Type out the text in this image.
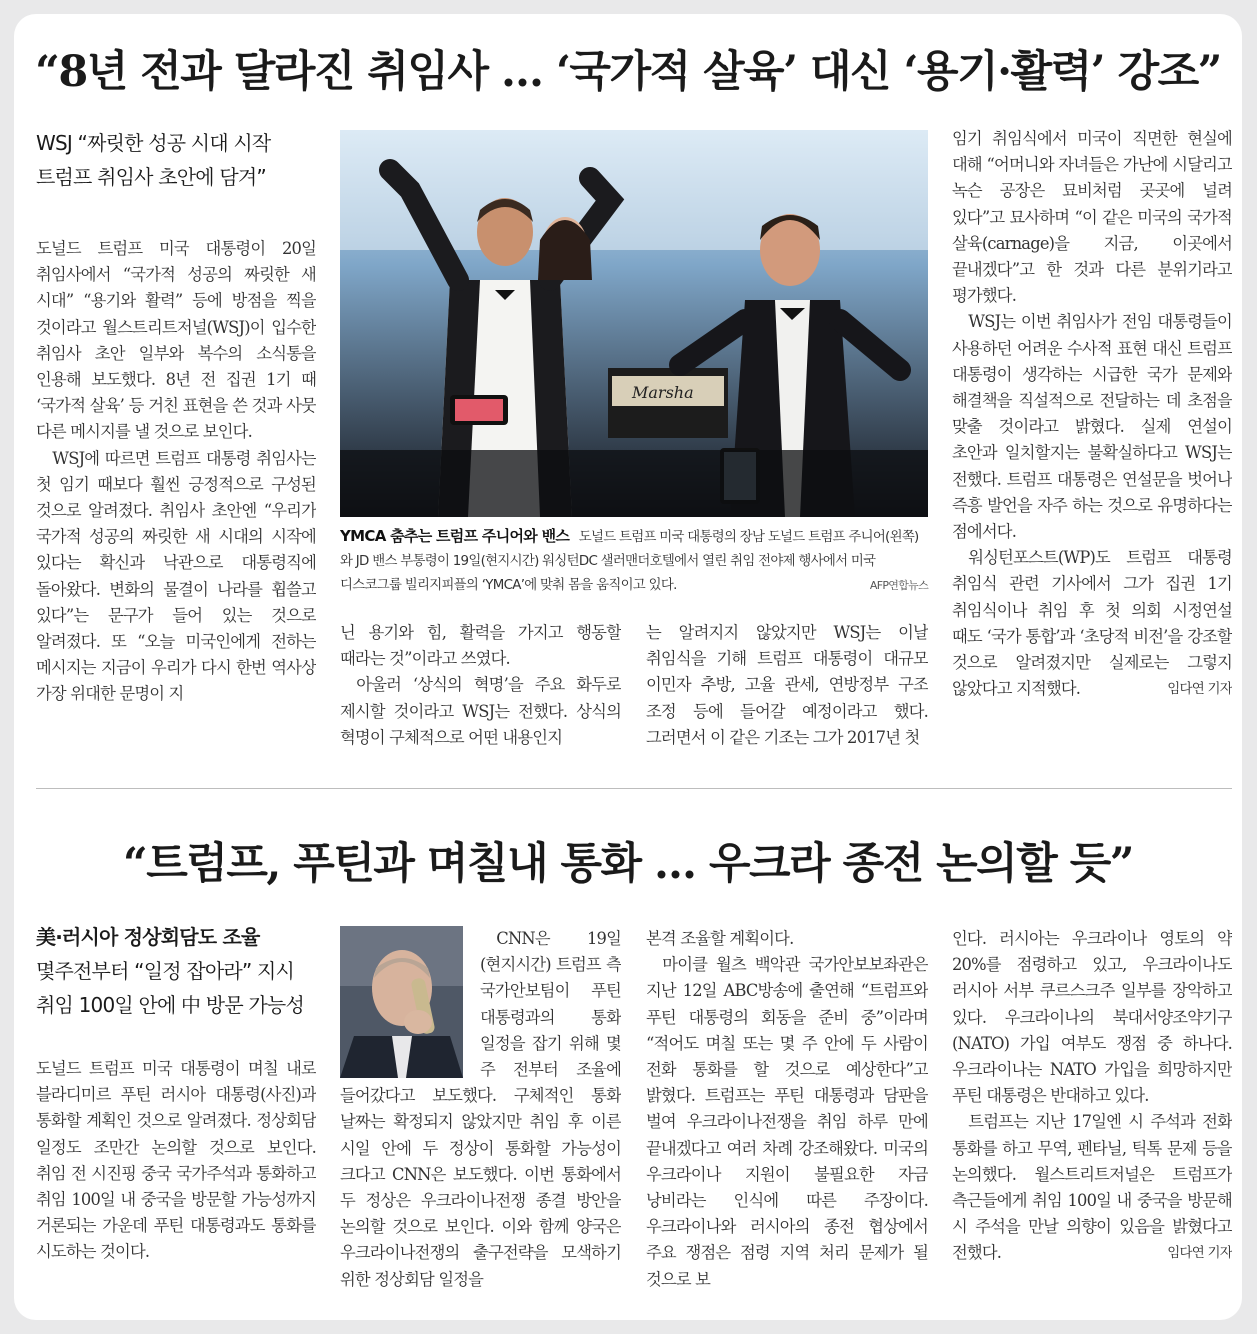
“8년 전과 달라진 취임사 … ‘국가적 살육’ 대신 ‘용기·활력’ 강조”
WSJ “짜릿한 성공 시대 시작
트럼프 취임사 초안에 담겨”

도널드 트럼프 미국 대통령이 20일 취임사에서 “국가적 성공의 짜릿한 새 시대” “용기와 활력” 등에 방점을 찍을 것이라고 월스트리트저널(WSJ)이 입수한 취임사 초안 일부와 복수의 소식통을 인용해 보도했다. 8년 전 집권 1기 때 ‘국가적 살육’ 등 거친 표현을 쓴 것과 사뭇 다른 메시지를 낼 것으로 보인다.

WSJ에 따르면 트럼프 대통령 취임사는 첫 임기 때보다 훨씬 긍정적으로 구성된 것으로 알려졌다. 취임사 초안엔 “우리가 국가적 성공의 짜릿한 새 시대의 시작에 있다는 확신과 낙관으로 대통령직에 돌아왔다. 변화의 물결이 나라를 휩쓸고 있다”는 문구가 들어 있는 것으로 알려졌다. 또 “오늘 미국인에게 전하는 메시지는 지금이 우리가 다시 한번 역사상 가장 위대한 문명이 지

Marsha
YMCA 춤추는 트럼프 주니어와 밴스 도널드 트럼프 미국 대통령의 장남 도널드 트럼프 주니어(왼쪽)와 JD 밴스 부통령이 19일(현지시간) 워싱턴DC 샐러맨더호텔에서 열린 취임 전야제 행사에서 미국 디스코그룹 빌리지피플의 ‘YMCA’에 맞춰 몸을 움직이고 있다.	AFP연합뉴스

닌 용기와 힘, 활력을 가지고 행동할 때라는 것”이라고 쓰였다.

아울러 ‘상식의 혁명’을 주요 화두로 제시할 것이라고 WSJ는 전했다. 상식의 혁명이 구체적으로 어떤 내용인지

는 알려지지 않았지만 WSJ는 이날 취임식을 기해 트럼프 대통령이 대규모 이민자 추방, 고율 관세, 연방정부 구조 조정 등에 들어갈 예정이라고 했다. 그러면서 이 같은 기조는 그가 2017년 첫

임기 취임식에서 미국이 직면한 현실에 대해 “어머니와 자녀들은 가난에 시달리고 녹슨 공장은 묘비처럼 곳곳에 널려 있다”고 묘사하며 “이 같은 미국의 국가적 살육(carnage)을 지금, 이곳에서 끝내겠다”고 한 것과 다른 분위기라고 평가했다.

WSJ는 이번 취임사가 전임 대통령들이 사용하던 어려운 수사적 표현 대신 트럼프 대통령이 생각하는 시급한 국가 문제와 해결책을 직설적으로 전달하는 데 초점을 맞출 것이라고 밝혔다. 실제 연설이 초안과 일치할지는 불확실하다고 WSJ는 전했다. 트럼프 대통령은 연설문을 벗어나 즉흥 발언을 자주 하는 것으로 유명하다는 점에서다.

워싱턴포스트(WP)도 트럼프 대통령 취임식 관련 기사에서 그가 집권 1기 취임식이나 취임 후 첫 의회 시정연설 때도 ‘국가 통합’과 ‘초당적 비전’을 강조할 것으로 알려졌지만 실제로는 그렇지 않았다고 지적했다.	임다연 기자

“트럼프, 푸틴과 며칠내 통화 … 우크라 종전 논의할 듯”
美·러시아 정상회담도 조율
몇주전부터 “일정 잡아라” 지시
취임 100일 안에 中 방문 가능성

도널드 트럼프 미국 대통령이 며칠 내로 블라디미르 푸틴 러시아 대통령(사진)과 통화할 계획인 것으로 알려졌다. 정상회담 일정도 조만간 논의할 것으로 보인다. 취임 전 시진핑 중국 국가주석과 통화하고 취임 100일 내 중국을 방문할 가능성까지 거론되는 가운데 푸틴 대통령과도 통화를 시도하는 것이다.

CNN은 19일(현지시간) 트럼프 측 국가안보팀이 푸틴 대통령과의 통화 일정을 잡기 위해 몇 주 전부터 조율에 들어갔다고 보도했다. 구체적인 통화 날짜는 확정되지 않았지만 취임 후 이른 시일 안에 두 정상이 통화할 가능성이 크다고 CNN은 보도했다. 이번 통화에서 두 정상은 우크라이나전쟁 종결 방안을 논의할 것으로 보인다. 이와 함께 양국은 우크라이나전쟁의 출구전략을 모색하기 위한 정상회담 일정을

본격 조율할 계획이다.

마이클 월츠 백악관 국가안보보좌관은 지난 12일 ABC방송에 출연해 “트럼프와 푸틴 대통령의 회동을 준비 중”이라며 “적어도 며칠 또는 몇 주 안에 두 사람이 전화 통화를 할 것으로 예상한다”고 밝혔다. 트럼프는 푸틴 대통령과 담판을 벌여 우크라이나전쟁을 취임 하루 만에 끝내겠다고 여러 차례 강조해왔다. 미국의 우크라이나 지원이 불필요한 자금 낭비라는 인식에 따른 주장이다. 우크라이나와 러시아의 종전 협상에서 주요 쟁점은 점령 지역 처리 문제가 될 것으로 보

인다. 러시아는 우크라이나 영토의 약 20%를 점령하고 있고, 우크라이나도 러시아 서부 쿠르스크주 일부를 장악하고 있다. 우크라이나의 북대서양조약기구(NATO) 가입 여부도 쟁점 중 하나다. 우크라이나는 NATO 가입을 희망하지만 푸틴 대통령은 반대하고 있다.

트럼프는 지난 17일엔 시 주석과 전화 통화를 하고 무역, 펜타닐, 틱톡 문제 등을 논의했다. 월스트리트저널은 트럼프가 측근들에게 취임 100일 내 중국을 방문해 시 주석을 만날 의향이 있음을 밝혔다고 전했다.	임다연 기자
